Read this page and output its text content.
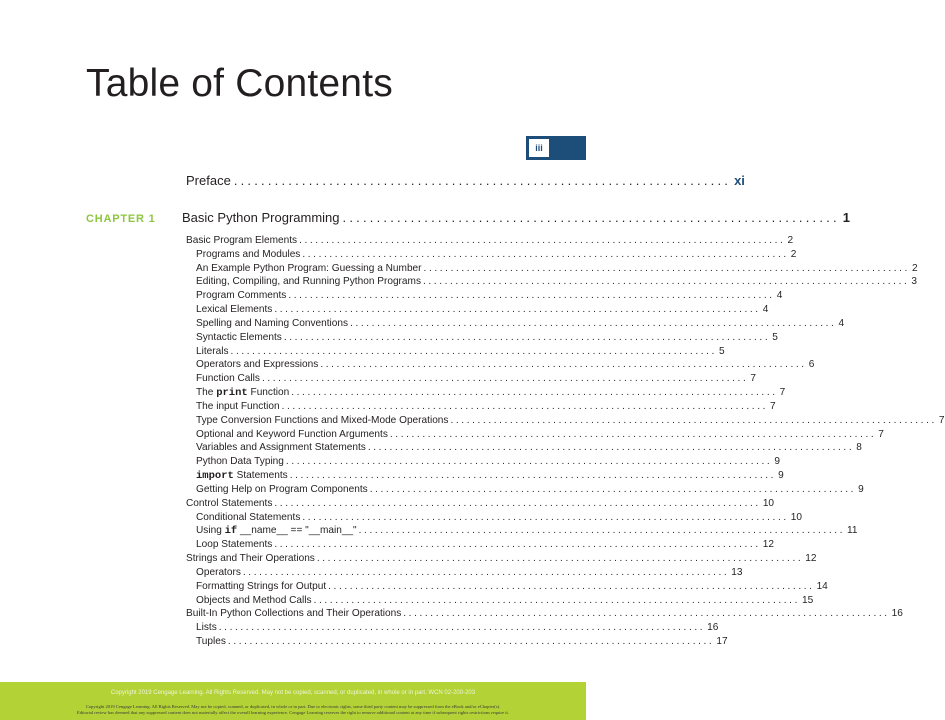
Table of Contents
iii
Preface ......................................................................... xi
CHAPTER 1 Basic Python Programming ......................................................................... 1
Basic Program Elements .......................................................................................... 2
Programs and Modules .......................................................................................... 2
An Example Python Program: Guessing a Number .......................................................................................... 2
Editing, Compiling, and Running Python Programs .......................................................................................... 3
Program Comments .......................................................................................... 4
Lexical Elements .......................................................................................... 4
Spelling and Naming Conventions .......................................................................................... 4
Syntactic Elements .......................................................................................... 5
Literals .......................................................................................... 5
Operators and Expressions .......................................................................................... 6
Function Calls .......................................................................................... 7
The print Function .......................................................................................... 7
The input Function .......................................................................................... 7
Type Conversion Functions and Mixed-Mode Operations .......................................................................................... 7
Optional and Keyword Function Arguments .......................................................................................... 7
Variables and Assignment Statements .......................................................................................... 8
Python Data Typing .......................................................................................... 9
import Statements .......................................................................................... 9
Getting Help on Program Components .......................................................................................... 9
Control Statements .......................................................................................... 10
Conditional Statements .......................................................................................... 10
Using if __name__ == "__main__" .......................................................................................... 11
Loop Statements .......................................................................................... 12
Strings and Their Operations .......................................................................................... 12
Operators .......................................................................................... 13
Formatting Strings for Output .......................................................................................... 14
Objects and Method Calls .......................................................................................... 15
Built-In Python Collections and Their Operations .......................................................................................... 16
Lists .......................................................................................... 16
Tuples .......................................................................................... 17
Copyright 2019 Cengage Learning. All Rights Reserved. May not be copied, scanned, or duplicated, in whole or in part. WCN 02-200-203
Copyright 2019 Cengage Learning. All Rights Reserved. May not be copied, scanned, or duplicated, in whole or in part. Due to electronic rights, some third party content may be suppressed from the eBook and/or eChapter(s).
Editorial review has deemed that any suppressed content does not materially affect the overall learning experience. Cengage Learning reserves the right to remove additional content at any time if subsequent rights restrictions require it.
